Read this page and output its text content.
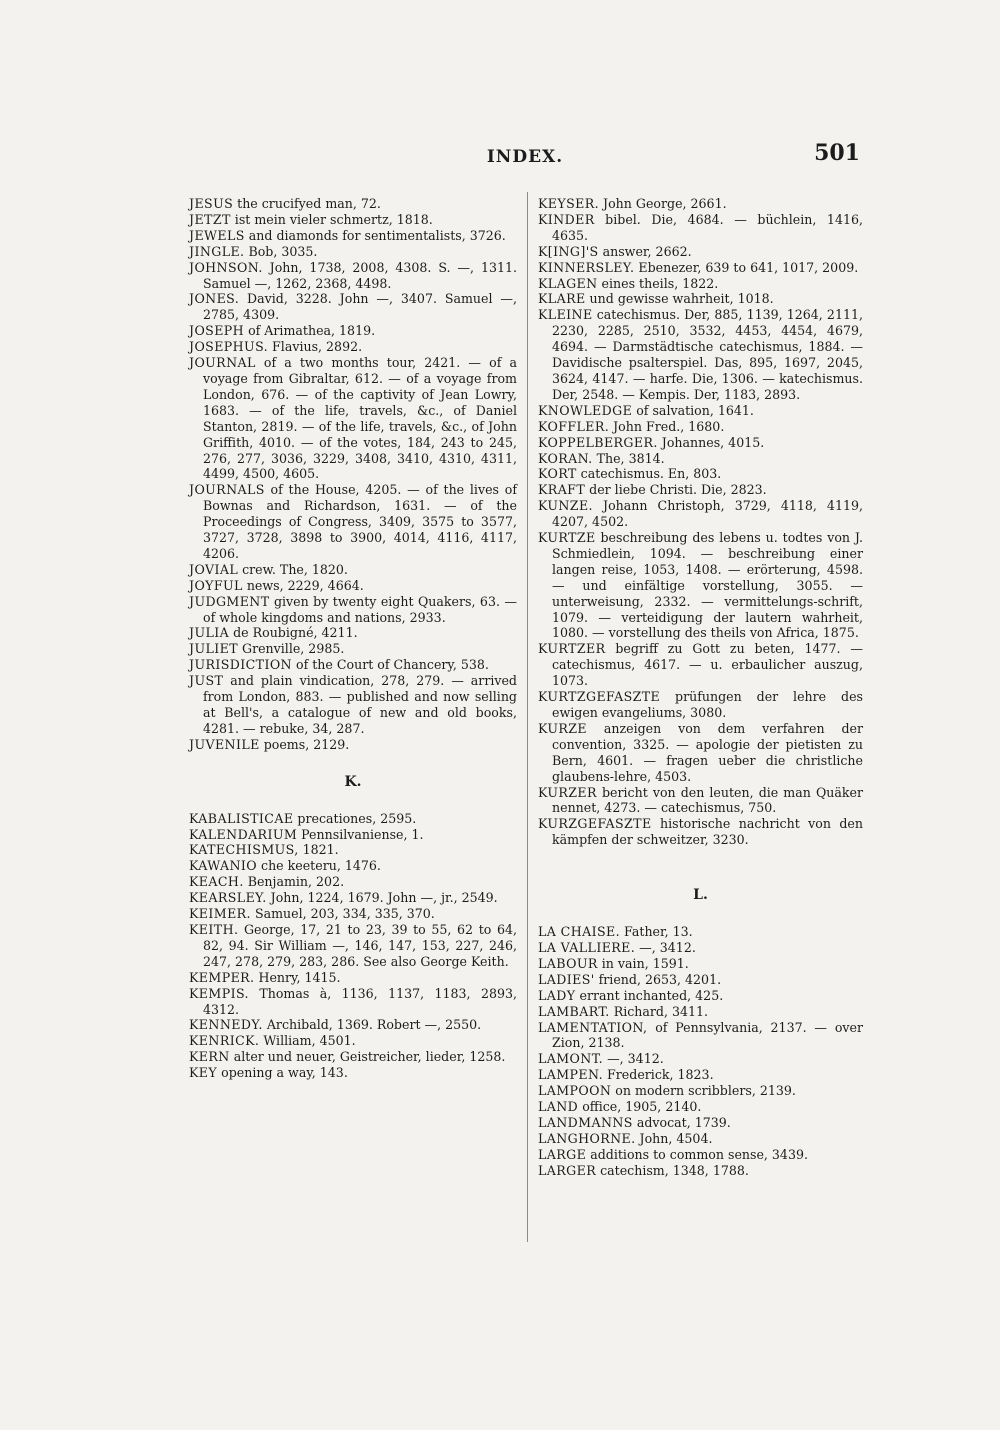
INDEX.	501

JESUS the crucifyed man, 72.

JETZT ist mein vieler schmertz, 1818.

JEWELS and diamonds for sentimentalists, 3726.

JINGLE. Bob, 3035.

JOHNSON. John, 1738, 2008, 4308. S. —, 1311. Samuel —, 1262, 2368, 4498.

JONES. David, 3228. John —, 3407. Samuel —, 2785, 4309.

JOSEPH of Arimathea, 1819.

JOSEPHUS. Flavius, 2892.

JOURNAL of a two months tour, 2421. — of a voyage from Gibraltar, 612. — of a voyage from London, 676. — of the captivity of Jean Lowry, 1683. — of the life, travels, &c., of Daniel Stanton, 2819. — of the life, travels, &c., of John Griffith, 4010. — of the votes, 184, 243 to 245, 276, 277, 3036, 3229, 3408, 3410, 4310, 4311, 4499, 4500, 4605.

JOURNALS of the House, 4205. — of the lives of Bownas and Richardson, 1631. — of the Proceedings of Congress, 3409, 3575 to 3577, 3727, 3728, 3898 to 3900, 4014, 4116, 4117, 4206.

JOVIAL crew. The, 1820.

JOYFUL news, 2229, 4664.

JUDGMENT given by twenty eight Quakers, 63. — of whole kingdoms and nations, 2933.

JULIA de Roubigné, 4211.

JULIET Grenville, 2985.

JURISDICTION of the Court of Chancery, 538.

JUST and plain vindication, 278, 279. — arrived from London, 883. — published and now selling at Bell's, a catalogue of new and old books, 4281. — rebuke, 34, 287.

JUVENILE poems, 2129.

K.

KABALISTICAE precationes, 2595.

KALENDARIUM Pennsilvaniense, 1.

KATECHISMUS, 1821.

KAWANIO che keeteru, 1476.

KEACH. Benjamin, 202.

KEARSLEY. John, 1224, 1679. John —, jr., 2549.

KEIMER. Samuel, 203, 334, 335, 370.

KEITH. George, 17, 21 to 23, 39 to 55, 62 to 64, 82, 94. Sir William —, 146, 147, 153, 227, 246, 247, 278, 279, 283, 286. See also George Keith.

KEMPER. Henry, 1415.

KEMPIS. Thomas à, 1136, 1137, 1183, 2893, 4312.

KENNEDY. Archibald, 1369. Robert —, 2550.

KENRICK. William, 4501.

KERN alter und neuer, Geistreicher, lieder, 1258.

KEY opening a way, 143.

KEYSER. John George, 2661.

KINDER bibel. Die, 4684. — büchlein, 1416, 4635.

K[ING]'S answer, 2662.

KINNERSLEY. Ebenezer, 639 to 641, 1017, 2009.

KLAGEN eines theils, 1822.

KLARE und gewisse wahrheit, 1018.

KLEINE catechismus. Der, 885, 1139, 1264, 2111, 2230, 2285, 2510, 3532, 4453, 4454, 4679, 4694. — Darmstädtische catechismus, 1884. — Davidische psalterspiel. Das, 895, 1697, 2045, 3624, 4147. — harfe. Die, 1306. — katechismus. Der, 2548. — Kempis. Der, 1183, 2893.

KNOWLEDGE of salvation, 1641.

KOFFLER. John Fred., 1680.

KOPPELBERGER. Johannes, 4015.

KORAN. The, 3814.

KORT catechismus. En, 803.

KRAFT der liebe Christi. Die, 2823.

KUNZE. Johann Christoph, 3729, 4118, 4119, 4207, 4502.

KURTZE beschreibung des lebens u. todtes von J. Schmiedlein, 1094. — beschreibung einer langen reise, 1053, 1408. — erörterung, 4598. — und einfältige vorstellung, 3055. — unterweisung, 2332. — vermittelungs-schrift, 1079. — verteidigung der lautern wahrheit, 1080. — vorstellung des theils von Africa, 1875.

KURTZER begriff zu Gott zu beten, 1477. — catechismus, 4617. — u. erbaulicher auszug, 1073.

KURTZGEFASZTE prüfungen der lehre des ewigen evangeliums, 3080.

KURZE anzeigen von dem verfahren der convention, 3325. — apologie der pietisten zu Bern, 4601. — fragen ueber die christliche glaubens-lehre, 4503.

KURZER bericht von den leuten, die man Quäker nennet, 4273. — catechismus, 750.

KURZGEFASZTE historische nachricht von den kämpfen der schweitzer, 3230.

L.

LA CHAISE. Father, 13.

LA VALLIERE. —, 3412.

LABOUR in vain, 1591.

LADIES' friend, 2653, 4201.

LADY errant inchanted, 425.

LAMBART. Richard, 3411.

LAMENTATION, of Pennsylvania, 2137. — over Zion, 2138.

LAMONT. —, 3412.

LAMPEN. Frederick, 1823.

LAMPOON on modern scribblers, 2139.

LAND office, 1905, 2140.

LANDMANNS advocat, 1739.

LANGHORNE. John, 4504.

LARGE additions to common sense, 3439.

LARGER catechism, 1348, 1788.
